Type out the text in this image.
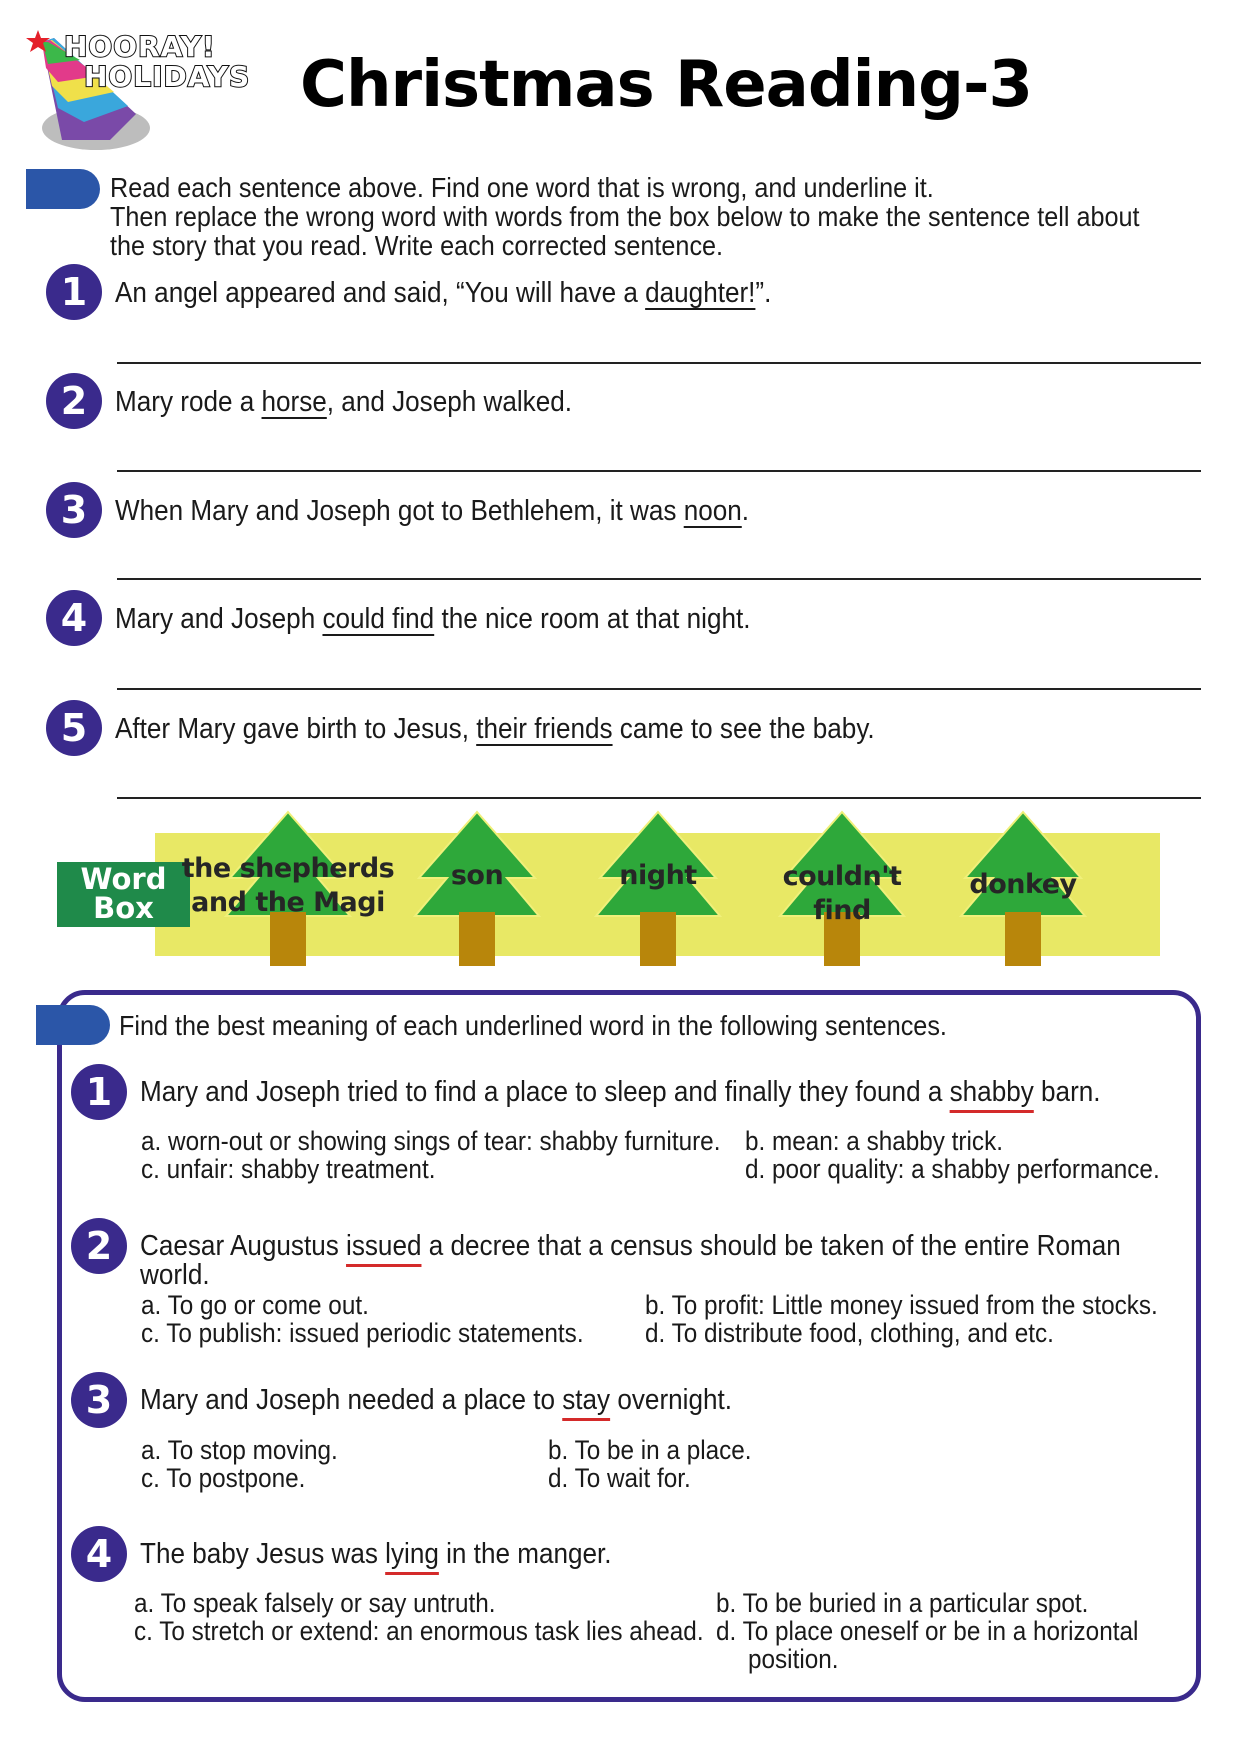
HOORAY!
HOLIDAYS Christmas Reading-3
Read each sentence above. Find one word that is wrong, and underline it.
Then replace the wrong word with words from the box below to make the sentence tell about
the story that you read. Write each corrected sentence.
1 An angel appeared and said, “You will have a daughter!”.
2 Mary rode a horse, and Joseph walked.
3 When Mary and Joseph got to Bethlehem, it was noon.
4 Mary and Joseph could find the nice room at that night.
5 After Mary gave birth to Jesus, their friends came to see the baby.
Word
Box
the shepherds
and the Magi
son	night	couldn't
find
donkey
Find the best meaning of each underlined word in the following sentences.
1 Mary and Joseph tried to find a place to sleep and finally they found a shabby barn.
a. worn-out or showing sings of tear: shabby furniture. b. mean: a shabby trick.
c. unfair: shabby treatment.	d. poor quality: a shabby performance.
2 Caesar Augustus issued a decree that a census should be taken of the entire Roman
world.
a. To go or come out.	b. To profit: Little money issued from the stocks.
c. To publish: issued periodic statements. d. To distribute food, clothing, and etc.
3 Mary and Joseph needed a place to stay overnight.
a. To stop moving.	b. To be in a place.
c. To postpone.	d. To wait for.
4 The baby Jesus was lying in the manger.
a. To speak falsely or say untruth.	b. To be buried in a particular spot.
c. To stretch or extend: an enormous task lies ahead. d. To place oneself or be in a horizontal
position.
